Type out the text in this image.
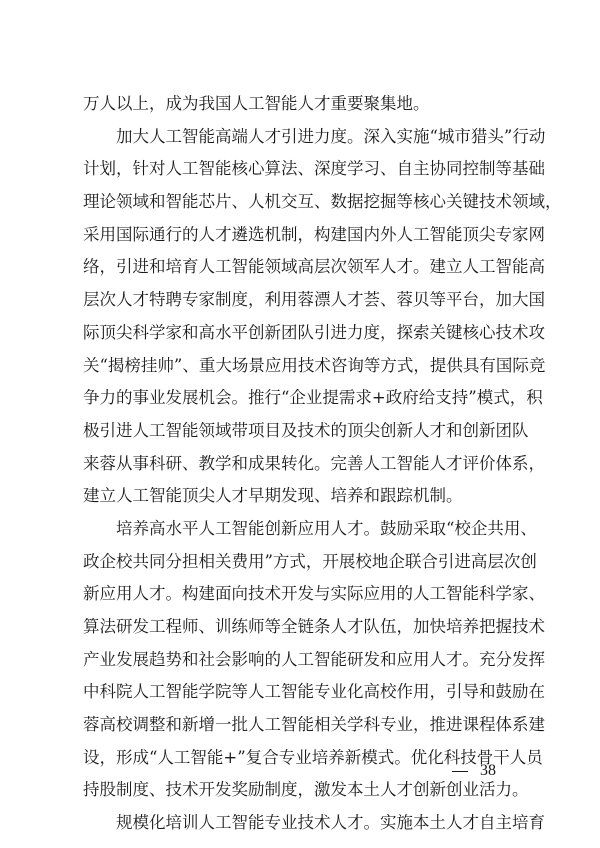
万人以上，成为我国人工智能人才重要聚集地。
加大人工智能高端人才引进力度。深入实施“城市猎头”行动
计划，针对人工智能核心算法、深度学习、自主协同控制等基础
理论领域和智能芯片、人机交互、数据挖掘等核心关键技术领域，
采用国际通行的人才遴选机制，构建国内外人工智能顶尖专家网
络，引进和培育人工智能领域高层次领军人才。建立人工智能高
层次人才特聘专家制度，利用蓉漂人才荟、蓉贝等平台，加大国
际顶尖科学家和高水平创新团队引进力度，探索关键核心技术攻
关“揭榜挂帅”、重大场景应用技术咨询等方式，提供具有国际竞
争力的事业发展机会。推行“企业提需求+政府给支持”模式，积
极引进人工智能领域带项目及技术的顶尖创新人才和创新团队
来蓉从事科研、教学和成果转化。完善人工智能人才评价体系，
建立人工智能顶尖人才早期发现、培养和跟踪机制。
培养高水平人工智能创新应用人才。鼓励采取“校企共用、
政企校共同分担相关费用”方式，开展校地企联合引进高层次创
新应用人才。构建面向技术开发与实际应用的人工智能科学家、
算法研发工程师、训练师等全链条人才队伍，加快培养把握技术
产业发展趋势和社会影响的人工智能研发和应用人才。充分发挥
中科院人工智能学院等人工智能专业化高校作用，引导和鼓励在
蓉高校调整和新增一批人工智能相关学科专业，推进课程体系建
设，形成“人工智能+”复合专业培养新模式。优化科技骨干人员
持股制度、技术开发奖励制度，激发本土人才创新创业活力。
规模化培训人工智能专业技术人才。实施本土人才自主培育
38
